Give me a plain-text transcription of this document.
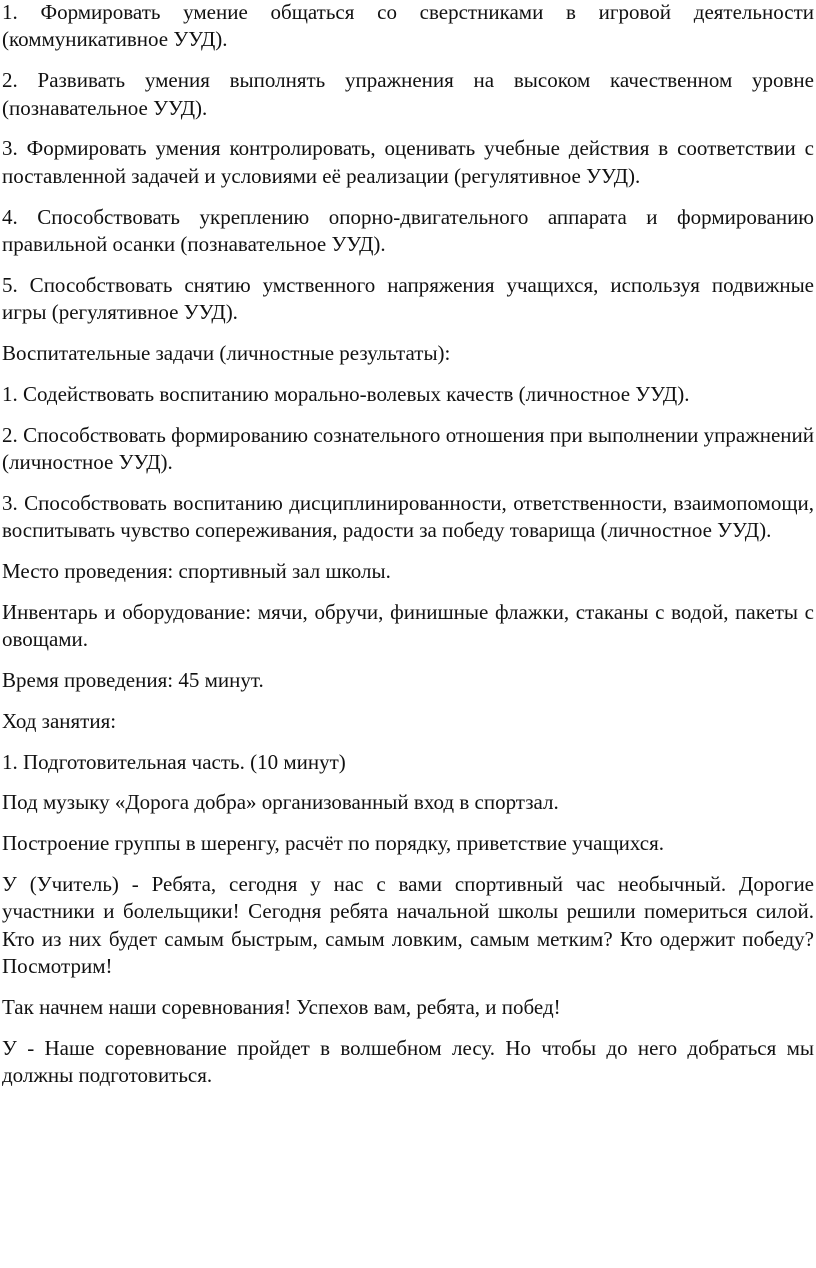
1. Формировать умение общаться со сверстниками в игровой деятельности (коммуникативное УУД).

2. Развивать умения выполнять упражнения на высоком качественном уровне (познавательное УУД).

3. Формировать умения контролировать, оценивать учебные действия в соответствии с поставленной задачей и условиями её реализации (регулятивное УУД).

4. Способствовать укреплению опорно-двигательного аппарата и формированию правильной осанки (познавательное УУД).

5. Способствовать снятию умственного напряжения учащихся, используя подвижные игры (регулятивное УУД).

Воспитательные задачи (личностные результаты):

1. Содействовать воспитанию морально-волевых качеств (личностное УУД).

2. Способствовать формированию сознательного отношения при выполнении упражнений (личностное УУД).

3. Способствовать воспитанию дисциплинированности, ответственности, взаимопомощи, воспитывать чувство сопереживания, радости за победу товарища (личностное УУД).

Место проведения: спортивный зал школы.

Инвентарь и оборудование: мячи, обручи, финишные флажки, стаканы с водой, пакеты с овощами.

Время проведения: 45 минут.

Ход занятия:

1. Подготовительная часть. (10 минут)

Под музыку «Дорога добра» организованный вход в спортзал.

Построение группы в шеренгу, расчёт по порядку, приветствие учащихся.

У (Учитель) - Ребята, сегодня у нас с вами спортивный час необычный. Дорогие участники и болельщики! Сегодня ребята начальной школы решили помериться силой. Кто из них будет самым быстрым, самым ловким, самым метким? Кто одержит победу? Посмотрим!

Так начнем наши соревнования! Успехов вам, ребята, и побед!

У - Наше соревнование пройдет в волшебном лесу. Но чтобы до него добраться мы должны подготовиться.
